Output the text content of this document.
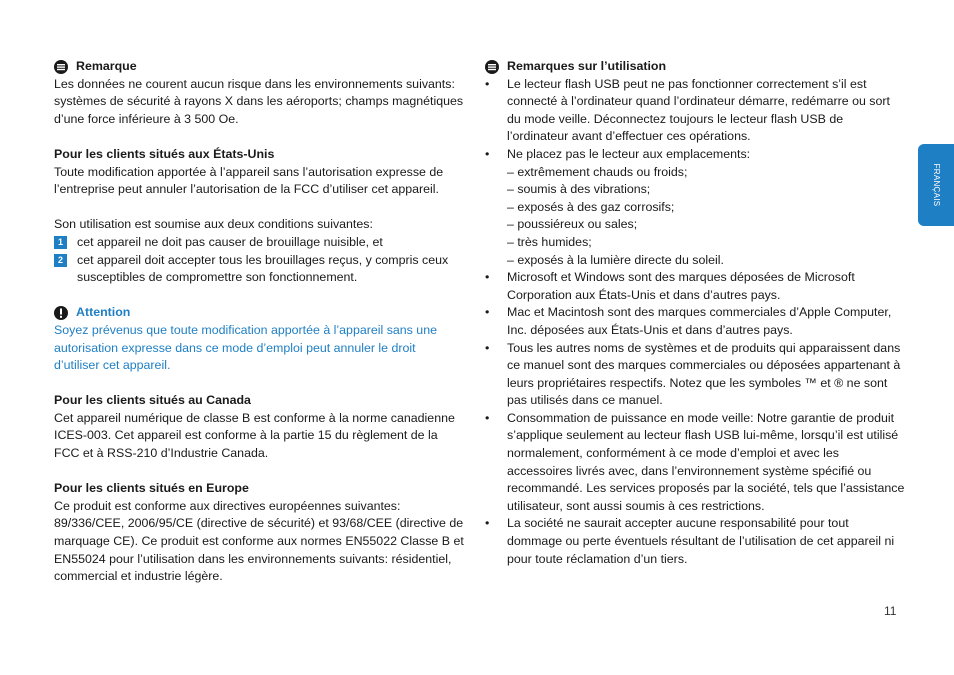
Remarque

Les données ne courent aucun risque dans les environnements suivants: systèmes de sécurité à rayons X dans les aéroports; champs magnétiques d’une force inférieure à 3 500 Oe.

Pour les clients situés aux États-Unis

Toute modification apportée à l’appareil sans l’autorisation expresse de l’entreprise peut annuler l’autorisation de la FCC d’utiliser cet appareil.

Son utilisation est soumise aux deux conditions suivantes:

1	cet appareil ne doit pas causer de brouillage nuisible, et
2	cet appareil doit accepter tous les brouillages reçus, y compris ceux susceptibles de compromettre son fonctionnement.
Attention

Soyez prévenus que toute modification apportée à l’appareil sans une autorisation expresse dans ce mode d’emploi peut annuler le droit d’utiliser cet appareil.

Pour les clients situés au Canada

Cet appareil numérique de classe B est conforme à la norme canadienne ICES-003. Cet appareil est conforme à la partie 15 du règlement de la FCC et à RSS-210 d’Industrie Canada.

Pour les clients situés en Europe

Ce produit est conforme aux directives européennes suivantes: 89/336/CEE, 2006/95/CE (directive de sécurité) et 93/68/CEE (directive de marquage CE). Ce produit est conforme aux normes EN55022 Classe B et EN55024 pour l’utilisation dans les environnements suivants: résidentiel, commercial et industrie légère.

Remarques sur l’utilisation
• Le lecteur flash USB peut ne pas fonctionner correctement s’il est connecté à l’ordinateur quand l’ordinateur démarre, redémarre ou sort du mode veille. Déconnectez toujours le lecteur flash USB de l’ordinateur avant d’effectuer ces opérations.
• Ne placez pas le lecteur aux emplacements:
– extrêmement chauds ou froids;
– soumis à des vibrations;
– exposés à des gaz corrosifs;
– poussiéreux ou sales;
– très humides;
– exposés à la lumière directe du soleil.
• Microsoft et Windows sont des marques déposées de Microsoft Corporation aux États-Unis et dans d’autres pays.
• Mac et Macintosh sont des marques commerciales d’Apple Computer, Inc. déposées aux États-Unis et dans d’autres pays.
• Tous les autres noms de systèmes et de produits qui apparaissent dans ce manuel sont des marques commerciales ou déposées appartenant à leurs propriétaires respectifs. Notez que les symboles ™ et ® ne sont pas utilisés dans ce manuel.
• Consommation de puissance en mode veille: Notre garantie de produit s’applique seulement au lecteur flash USB lui-même, lorsqu’il est utilisé normalement, conformément à ce mode d’emploi et avec les accessoires livrés avec, dans l’environnement système spécifié ou recommandé. Les services proposés par la société, tels que l’assistance utilisateur, sont aussi soumis à ces restrictions.
• La société ne saurait accepter aucune responsabilité pour tout dommage ou perte éventuels résultant de l’utilisation de cet appareil ni pour toute réclamation d’un tiers.
FRANÇAIS
11
